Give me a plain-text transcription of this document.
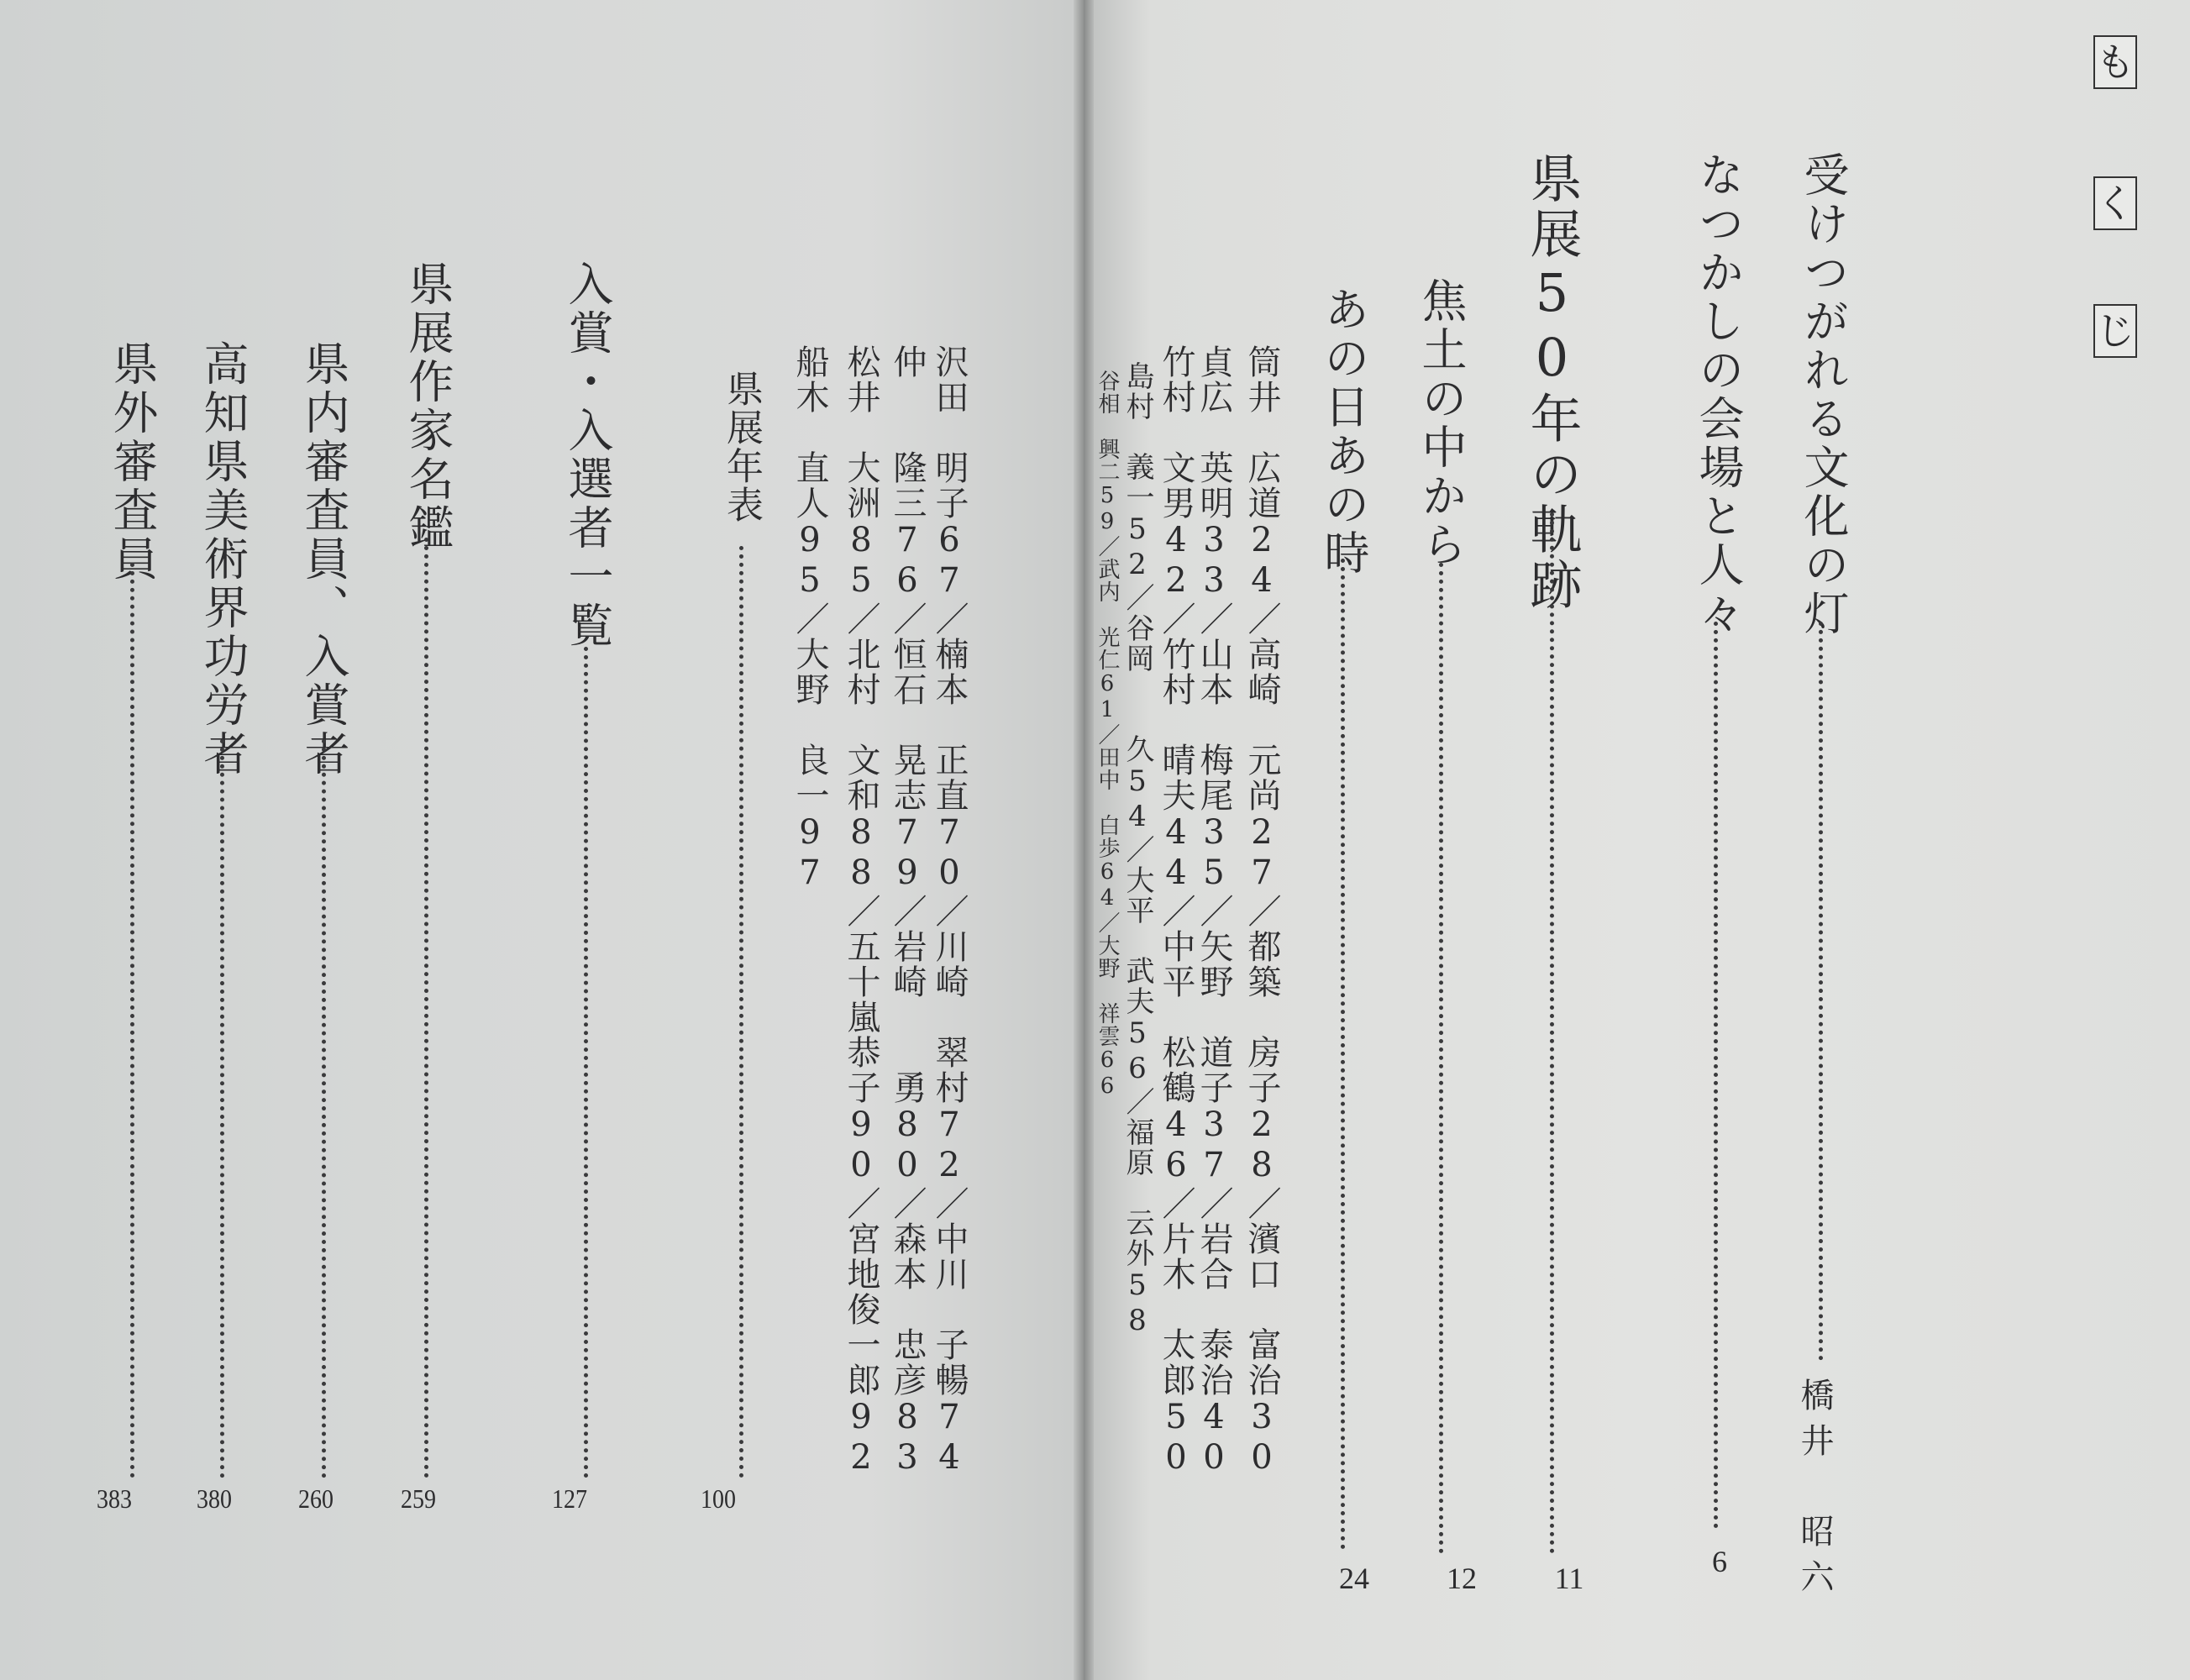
も
く
じ
受けつがれる文化の灯
橋井　昭六
なつかしの会場と人々
6
県展50年の軌跡
11
焦土の中から
12
あの日あの時
24
筒井　広道24／高崎　元尚27／都築　房子28／濱口　富治30
貞広　英明33／山本　梅尾35／矢野　道子37／岩合　泰治40
竹村　文男42／竹村　晴夫44／中平　松鶴46／片木　太郎50
島村　義一52／谷岡　　久54／大平　武夫56／福原　云外58
谷相　興二59／武内　光仁61／田中　白歩64／大野　祥雲66
沢田　明子67／楠本　正直70／川崎　翠村72／中川　子暢74
仲　　隆三76／恒石　晃志79／岩崎　　勇80／森本　忠彦83
松井　大洲85／北村　文和88／五十嵐恭子90／宮地俊一郎92
船木　直人95／大野　良一97
県展年表
100
入賞・入選者一覧
127
県展作家名鑑
259
県内審査員、入賞者
260
高知県美術界功労者
380
県外審査員
383
